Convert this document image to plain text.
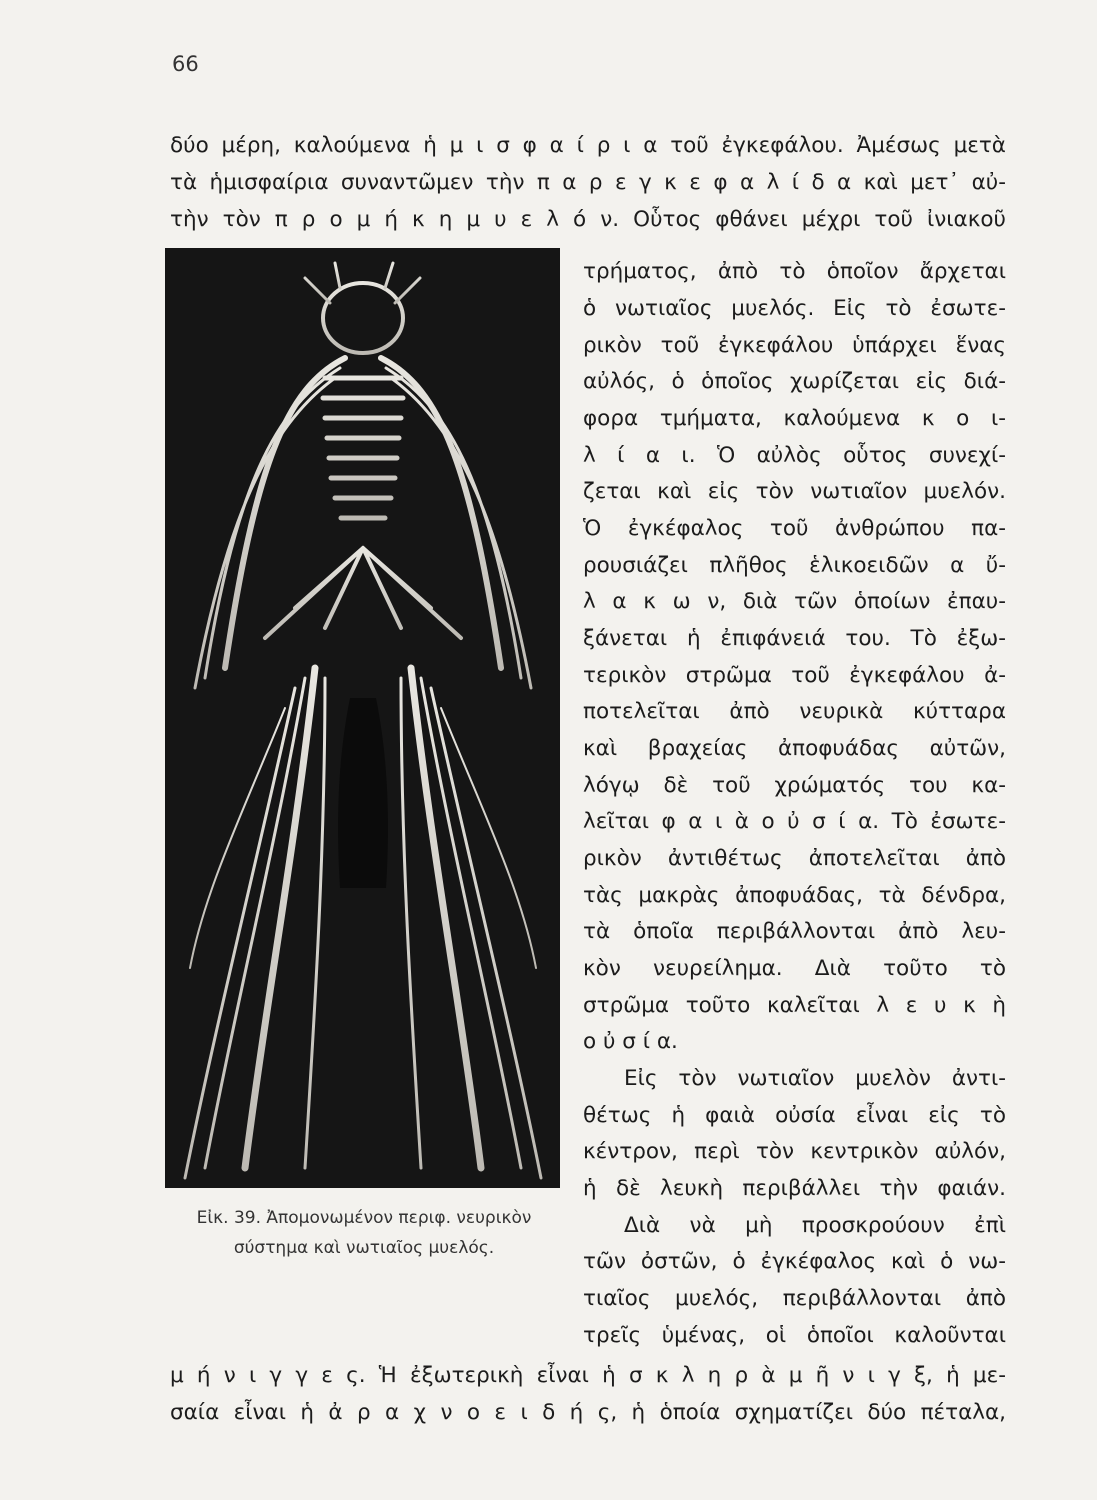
66
δύο μέρη, καλούμενα ἡ μ ι σ φ α ί ρ ι α τοῦ ἐγκεφάλου. Ἀμέσως μετὰ
τὰ ἡμισφαίρια συναντῶμεν τὴν π α ρ ε γ κ ε φ α λ ί δ α καὶ μετ᾿ αὐ-
τὴν τὸν π ρ ο μ ή κ η μ υ ε λ ό ν. Οὗτος φθάνει μέχρι τοῦ ἰνιακοῦ
τρήματος, ἀπὸ τὸ ὁποῖον ἄρχεται
ὁ νωτιαῖος μυελός. Εἰς τὸ ἐσωτε-
ρικὸν τοῦ ἐγκεφάλου ὑπάρχει ἕνας
αὐλός, ὁ ὁποῖος χωρίζεται εἰς διά-
φορα τμήματα, καλούμενα κ ο ι-
λ ί α ι. Ὁ αὐλὸς οὗτος συνεχί-
ζεται καὶ εἰς τὸν νωτιαῖον μυελόν.
Ὁ ἐγκέφαλος τοῦ ἀνθρώπου πα-
ρουσιάζει πλῆθος ἑλικοειδῶν α ὔ-
λ α κ ω ν, διὰ τῶν ὁποίων ἐπαυ-
ξάνεται ἡ ἐπιφάνειά του. Τὸ ἐξω-
τερικὸν στρῶμα τοῦ ἐγκεφάλου ἀ-
ποτελεῖται ἀπὸ νευρικὰ κύτταρα
καὶ βραχείας ἀποφυάδας αὐτῶν,
λόγῳ δὲ τοῦ χρώματός του κα-
λεῖται φ α ι ὰ ο ὐ σ ί α. Τὸ ἐσωτε-
ρικὸν ἀντιθέτως ἀποτελεῖται ἀπὸ
τὰς μακρὰς ἀποφυάδας, τὰ δένδρα,
τὰ ὁποῖα περιβάλλονται ἀπὸ λευ-
κὸν νευρείλημα. Διὰ τοῦτο τὸ
στρῶμα τοῦτο καλεῖται λ ε υ κ ὴ
ο ὐ σ ί α.
Εἰς τὸν νωτιαῖον μυελὸν ἀντι-
θέτως ἡ φαιὰ οὐσία εἶναι εἰς τὸ
κέντρον, περὶ τὸν κεντρικὸν αὐλόν,
ἡ δὲ λευκὴ περιβάλλει τὴν φαιάν.
Διὰ νὰ μὴ προσκρούουν ἐπὶ
τῶν ὀστῶν, ὁ ἐγκέφαλος καὶ ὁ νω-
τιαῖος μυελός, περιβάλλονται ἀπὸ
τρεῖς ὑμένας, οἱ ὁποῖοι καλοῦνται
Εἰκ. 39. Ἀπομονωμένον περιφ. νευρικὸν
σύστημα καὶ νωτιαῖος μυελός.
μ ή ν ι γ γ ε ς. Ἡ ἐξωτερικὴ εἶναι ἡ σ κ λ η ρ ὰ μ ῆ ν ι γ ξ, ἡ με-
σαία εἶναι ἡ ἀ ρ α χ ν ο ε ι δ ή ς, ἡ ὁποία σχηματίζει δύο πέταλα,
